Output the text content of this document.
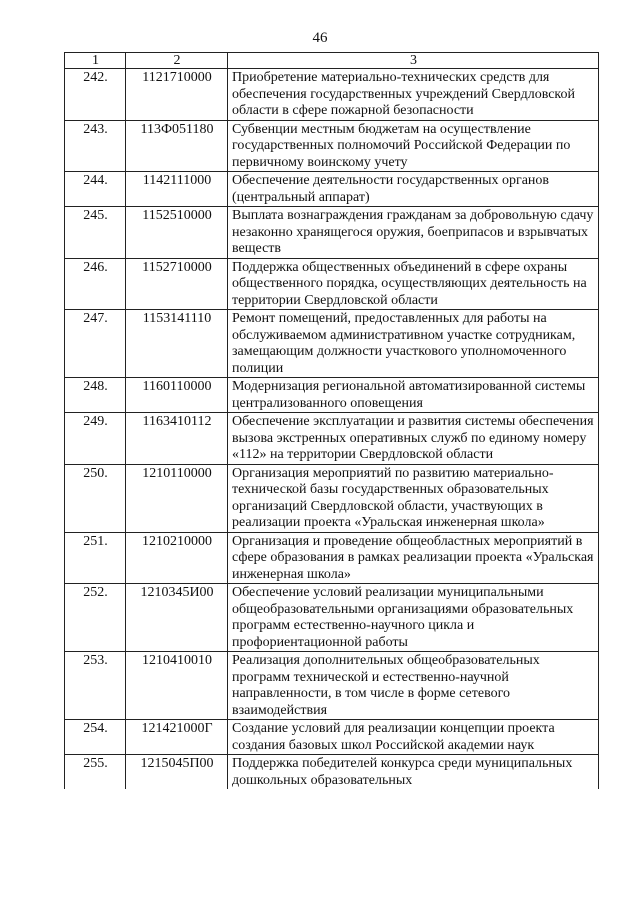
46
1	2	3
242.	1121710000	Приобретение материально-технических средств для обеспечения государственных учреждений Свердловской области в сфере пожарной безопасности
243.	113Ф051180	Субвенции местным бюджетам на осуществление государственных полномочий Российской Федерации по первичному воинскому учету
244.	1142111000	Обеспечение деятельности государственных органов (центральный аппарат)
245.	1152510000	Выплата вознаграждения гражданам за добровольную сдачу незаконно хранящегося оружия, боеприпасов и взрывчатых веществ
246.	1152710000	Поддержка общественных объединений в сфере охраны общественного порядка, осуществляющих деятельность на территории Свердловской области
247.	1153141110	Ремонт помещений, предоставленных для работы на обслуживаемом административном участке сотрудникам, замещающим должности участкового уполномоченного полиции
248.	1160110000	Модернизация региональной автоматизированной системы централизованного оповещения
249.	1163410112	Обеспечение эксплуатации и развития системы обеспечения вызова экстренных оперативных служб по единому номеру «112» на территории Свердловской области
250.	1210110000	Организация мероприятий по развитию материально-технической базы государственных образовательных организаций Свердловской области, участвующих в реализации проекта «Уральская инженерная школа»
251.	1210210000	Организация и проведение общеобластных мероприятий в сфере образования в рамках реализации проекта «Уральская инженерная школа»
252.	1210345И00	Обеспечение условий реализации муниципальными общеобразовательными организациями образовательных программ естественно-научного цикла и профориентационной работы
253.	1210410010	Реализация дополнительных общеобразовательных программ технической и естественно-научной направленности, в том числе в форме сетевого взаимодействия
254.	121421000Г	Создание условий для реализации концепции проекта создания базовых школ Российской академии наук
255.	1215045П00	Поддержка победителей конкурса среди муниципальных дошкольных образовательных
